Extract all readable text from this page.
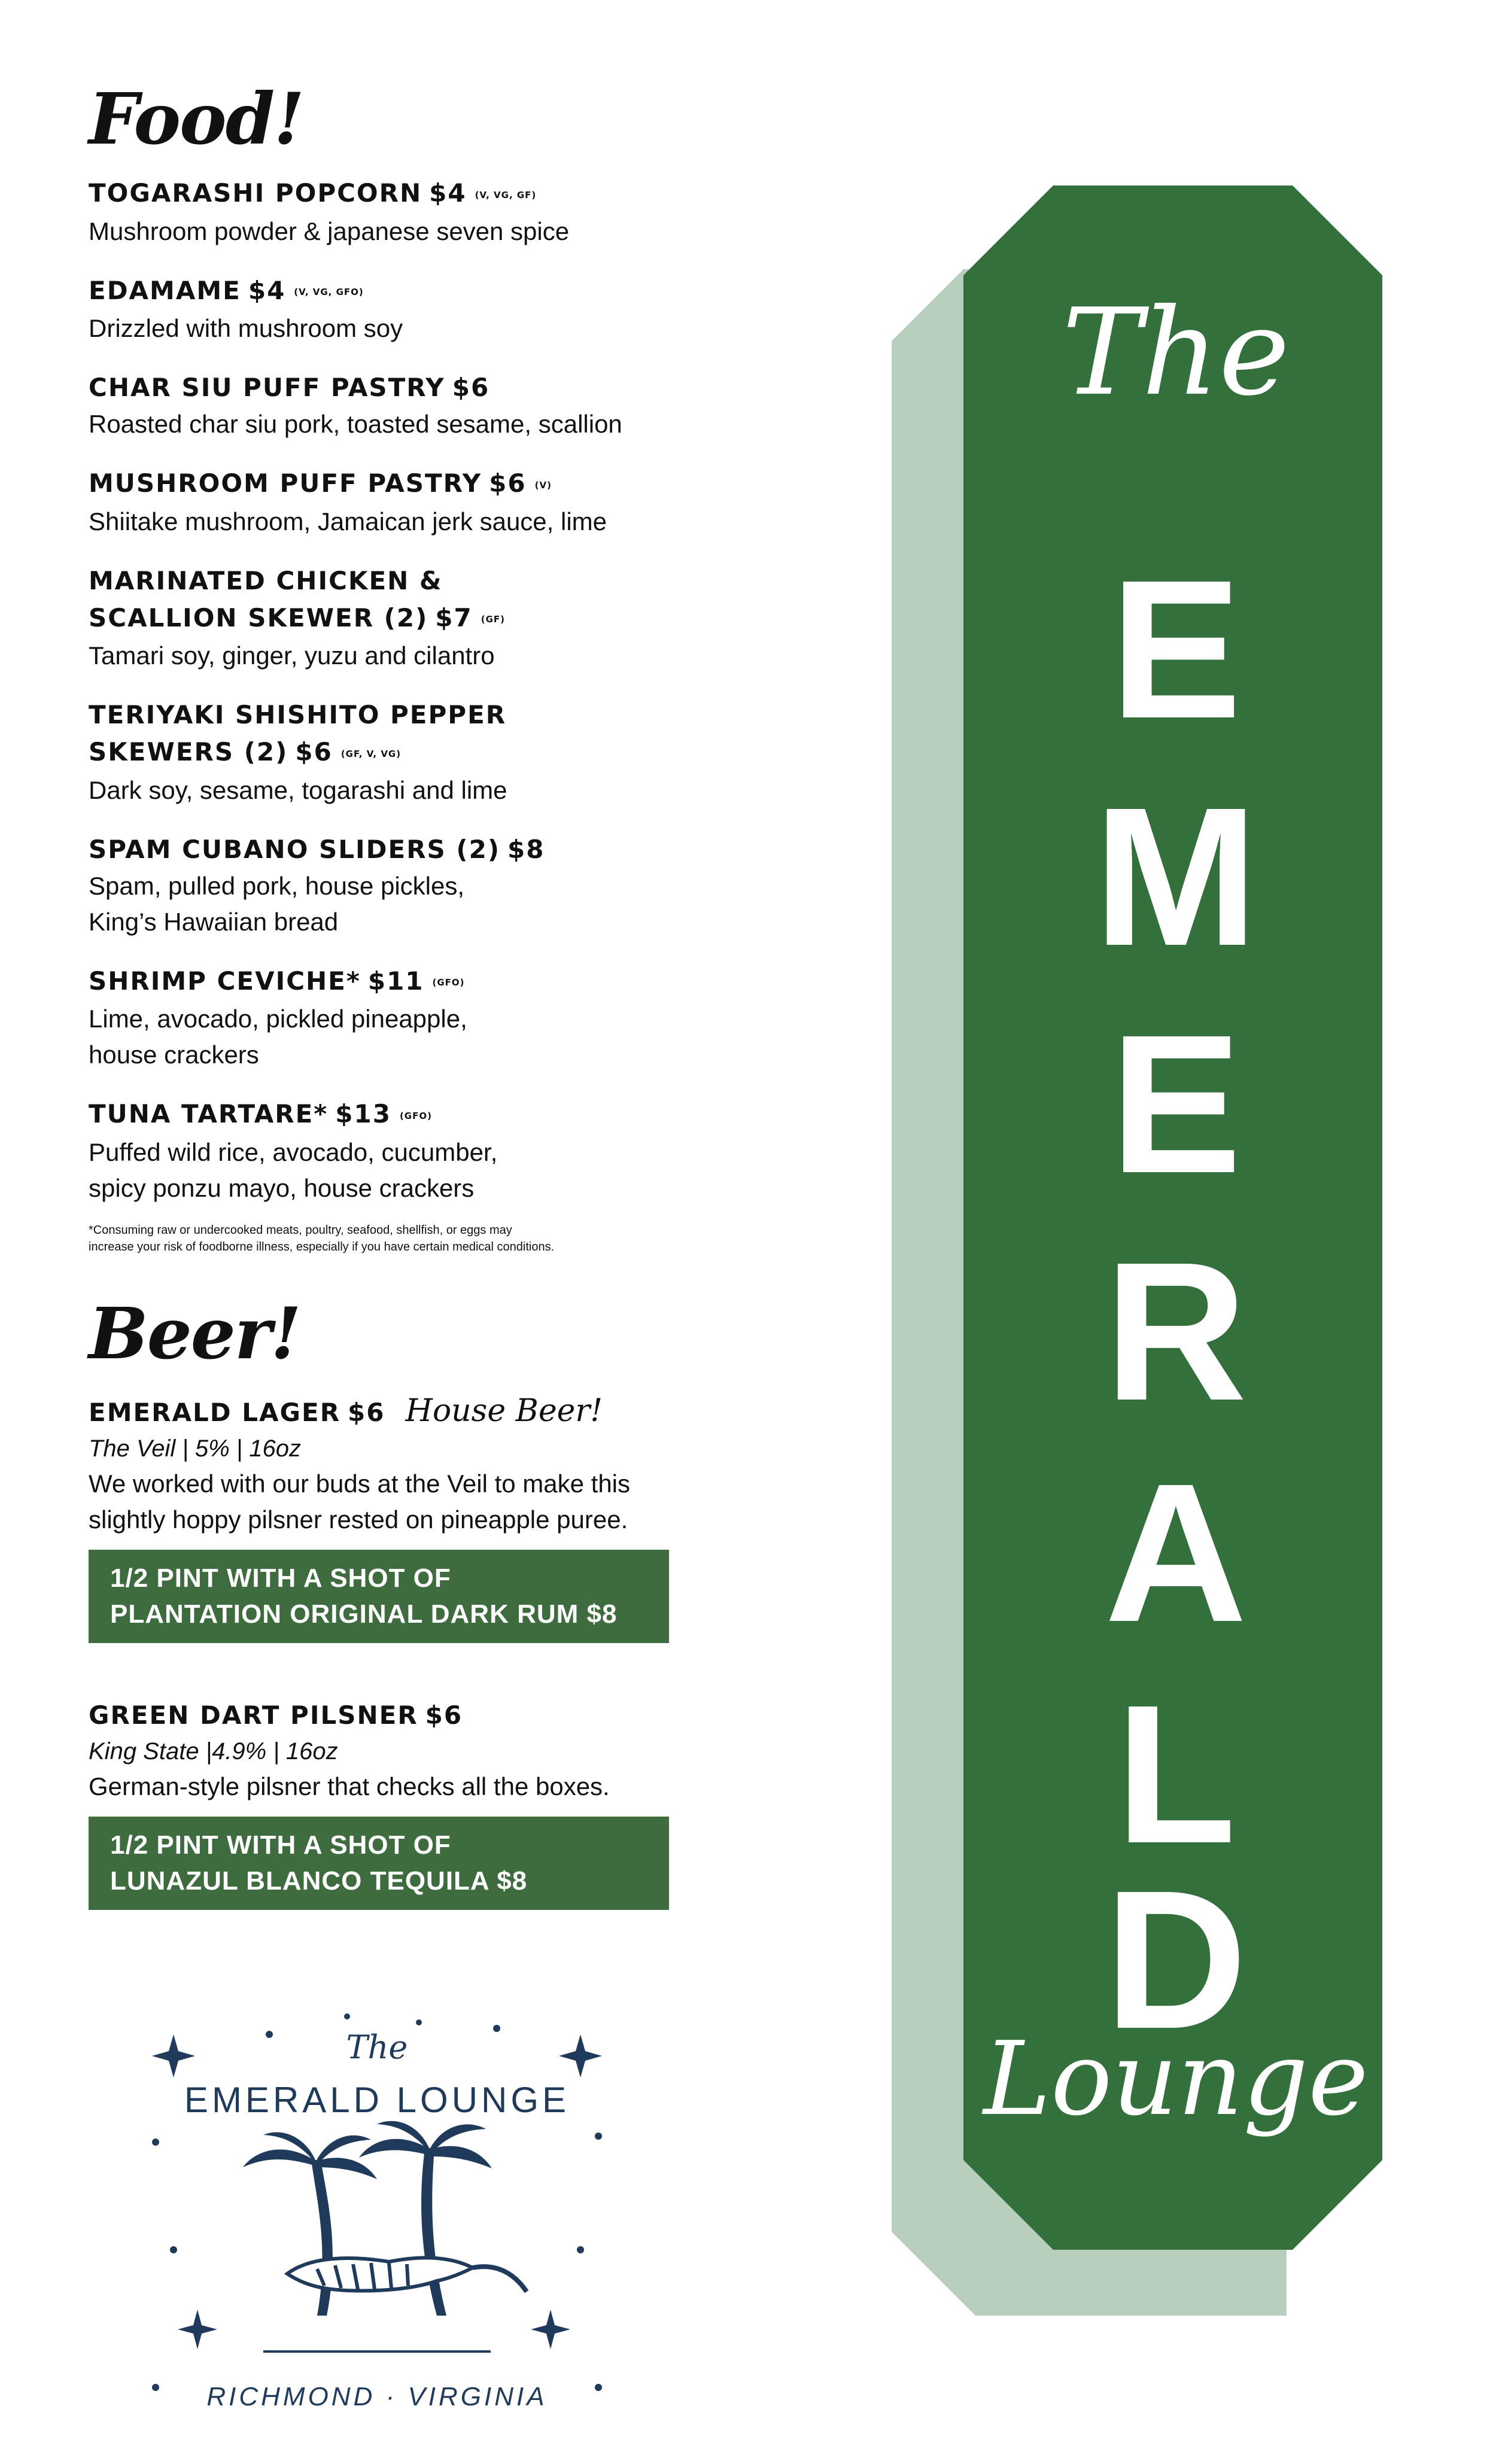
Food!
TOGARASHI POPCORN $4 (V, VG, GF)
Mushroom powder & japanese seven spice
EDAMAME $4 (V, VG, GFO)
Drizzled with mushroom soy
CHAR SIU PUFF PASTRY $6
Roasted char siu pork, toasted sesame, scallion
MUSHROOM PUFF PASTRY $6 (V)
Shiitake mushroom, Jamaican jerk sauce, lime
MARINATED CHICKEN &
SCALLION SKEWER (2) $7 (GF)
Tamari soy, ginger, yuzu and cilantro
TERIYAKI SHISHITO PEPPER
SKEWERS (2) $6 (GF, V, VG)
Dark soy, sesame, togarashi and lime
SPAM CUBANO SLIDERS (2) $8
Spam, pulled pork, house pickles,
King’s Hawaiian bread
SHRIMP CEVICHE* $11 (GFO)
Lime, avocado, pickled pineapple,
house crackers
TUNA TARTARE* $13 (GFO)
Puffed wild rice, avocado, cucumber,
spicy ponzu mayo, house crackers
*Consuming raw or undercooked meats, poultry, seafood, shellfish, or eggs may
increase your risk of foodborne illness, especially if you have certain medical conditions.
Beer!
EMERALD LAGER $6 House Beer!
The Veil | 5% | 16oz
We worked with our buds at the Veil to make this
slightly hoppy pilsner rested on pineapple puree.
1/2 PINT WITH A SHOT OF
PLANTATION ORIGINAL DARK RUM $8
GREEN DART PILSNER $6
King State |4.9% | 16oz
German-style pilsner that checks all the boxes.
1/2 PINT WITH A SHOT OF
LUNAZUL BLANCO TEQUILA $8
The
EMERALD LOUNGE
RICHMOND · VIRGINIA
The
E
M
E
R
A
L
D
Lounge
